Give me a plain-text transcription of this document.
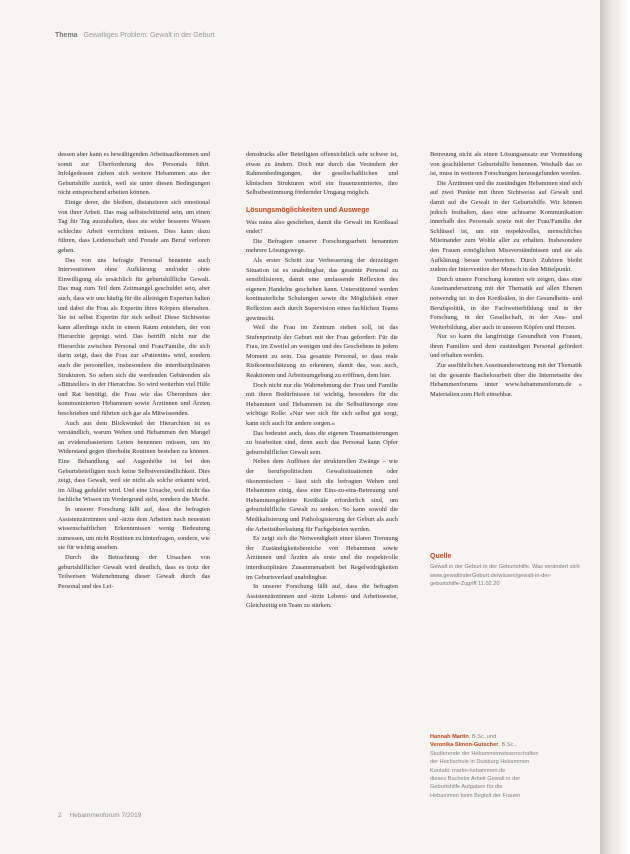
Thema Gewaltiges Problem: Gewalt in der Geburt

dessen aber kann es bewältigenden Arbeitsaufkommen und somit zur Überforderung des Personals führt. Infolgedessen ziehen sich weitere Hebammen aus der Geburtshilfe zurück, weil sie unter diesen Bedingungen nicht entsprechend arbeiten können.

Einige derer, die bleiben, distanzieren sich emotional von ihrer Arbeit. Das mag selbstschützend sein, um einen Tag für Tag auszuhalten, dass sie wider besseres Wissen schlechte Arbeit verrichten müssen. Dies kann dazu führen, dass Leidenschaft und Freude am Beruf verloren gehen.

Das von uns befragte Personal benannte auch Interventionen ohne Aufklärung und/oder ohne Einwilligung als ursächlich für geburtshilfliche Gewalt. Das mag zum Teil dem Zeitmangel geschuldet sein, aber auch, dass wir uns häufig für die alleinigen Experten halten und dabei die Frau als Expertin ihres Körpers übersehen. Sie ist selbst Expertin für sich selbst! Diese Sichtweise kann allerdings nicht in einem Raum entstehen, der von Hierarchie geprägt wird. Das betrifft nicht nur die Hierarchie zwischen Personal und Frau/Familie, die sich darin zeigt, dass die Frau zur »Patientin« wird, sondern auch die personellen, insbesondere die interdisziplinären Strukturen. So sehen sich die werdenden Gebärenden als »Bittsteller« in der Hierarchie. So wird weiterhin viel Hilfe und Rat benötigt, die Frau wie das Überordnen der kommunizierten Hebammen sowie Ärztinnen und Ärzten beschrieben und führten sich gar als Mitwissenden.

Auch aus dem Blickwinkel der Hierarchien ist es verständlich, warum Wehen und Hebammen den Mangel an evidenzbasiertem Leiten benennen müssen, um im Widerstand gegen überholte Routinen bestehen zu können. Eine Behandlung auf Augenhöhe ist bei den Geburtsbeteiligten noch keine Selbstverständlichkeit. Dies zeigt, dass Gewalt, weil sie nicht als solche erkannt wird, im Alltag geduldet wird. Und eine Ursache, weil nicht das fachliche Wissen im Vordergrund steht, sondern die Macht.

In unserer Forschung fällt auf, dass die befragten Assistenzärztinnen und -ärzte dem Arbeiten nach neuesten wissenschaftlichen Erkenntnissen wenig Bedeutung zumessen, um nicht Routinen zu hinterfragen, sondern, wie sie für wichtig ansehen.

Durch die Betrachtung der Ursachen von geburtshilflicher Gewalt wird deutlich, dass es trotz der Teilweisen Wahrnehmung dieser Gewalt durch das Personal und des Lei-

densdrucks aller Beteiligten offensichtlich sehr schwer ist, etwas zu ändern. Doch nur durch das Verändern der Rahmenbedingungen, der gesellschaftlichen und klinischen Strukturen wird ein frauenzentriertes, ihre Selbstbestimmung fördernder Umgang möglich.

Lösungsmöglichkeiten und Auswege

Was muss also geschehen, damit die Gewalt im Kreißsaal endet?

Die Befragten unserer Forschungsarbeit benannten mehrere Lösungswege.

Als erster Schritt zur Verbesserung der derzeitigen Situation ist es unabdingbar, das gesamte Personal zu sensibilisieren, damit eine umfassende Reflexion des eigenen Handelns geschehen kann. Unterstützend werden kontinuierliche Schulungen sowie die Möglichkeit einer Reflexion auch durch Supervision eines fachlichen Teams gewünscht.

Weil die Frau im Zentrum stehen soll, ist das Stufenprinzip der Geburt mit der Frau gefordert: Für die Frau, im Zweifel an wenigen und des Geschehens in jedem Moment zu sein. Das gesamte Personal, so dass reale Risikoeinschätzung zu erkennen, damit das, was auch, Reaktionen und Arbeitsumgebung zu eröffnen, dem hier.

Doch nicht nur die Wahrnehmung der Frau und Familie mit ihren Bedürfnissen ist wichtig, besonders für die Hebammen und Hebammen ist die Selbstfürsorge eine wichtige Rolle: »Nur wer sich für sich selbst gut sorgt, kann sich auch für andere sorgen.«

Das bedeutet auch, dass die eigenen Traumatisierungen zu bearbeiten sind, denn auch das Personal kann Opfer geburtshilflicher Gewalt sein.

Neben dem Auflösen der strukturellen Zwänge – wie der berufspolitischen Gewaltsituationen oder ökonomischen – lässt sich die befragten Wehen und Hebammen einig, dass eine Eins-zu-eins-Betreuung und Hebammengeleitete Kreißsäle erforderlich sind, um geburtshilfliche Gewalt zu senken. So kann sowohl die Medikalisierung und Pathologisierung der Geburt als auch die Arbeitsüberlastung für Fachgebieten werden.

Es zeigt sich die Notwendigkeit einer klaren Trennung der Zuständigkeitsbereiche von Hebammen sowie Ärztinnen und Ärzten als erste und die respektvolle interdisziplinäre Zusammenarbeit bei Regelwidrigkeiten im Geburtsverlauf unabdingbar.

In unserer Forschung fällt auf, dass die befragten Assistenzärztinnen und -ärzte Lebens- und Arbeitsweise, Gleichzeitig ein Team zu stärken.

Betreuung nicht als einen Lösungsansatz zur Vermeidung von geschilderter Geburtshilfe benennen. Weshalb das so ist, muss in weiteren Forschungen herausgefunden werden.

Die Ärztinnen und die zuständigen Hebammen sind sich auf zwei Punkte mit ihren Sichtweise auf Gewalt und damit auf die Gewalt in der Geburtshilfe. Wir können jedoch festhalten, dass eine achtsame Kommunikation innerhalb des Personals sowie mit der Frau/Familie der Schlüssel ist, um ein respektvolles, menschliches Miteinander zum Wohle aller zu erhalten. Insbesondere den Frauen ermöglichen Missverständnissen und sie als Aufklärung besser vorbereiten. Durch Zuhören bleibt zudem der Intervention der Mensch in den Mittelpunkt.

Durch unsere Forschung konnten wir zeigen, dass eine Auseinandersetzung mit der Thematik auf allen Ebenen notwendig ist: in den Kreißsälen, in der Gesundheits- und Berufspolitik, in der Fachweiterbildung und in der Forschung, in der Gesellschaft, in der Aus- und Weiterbildung, aber auch in unseren Köpfen und Herzen.

Nur so kann die langfristige Gesundheit von Frauen, ihren Familien und dem zuständigen Personal gefördert und erhalten werden.

Zur ausführlichen Auseinandersetzung mit der Thematik ist die gesamte Bachelorarbeit über die Internetseite des Hebammenforums unter www.hebammenforum.de » Materialien zum Heft einsehbar.

Quelle
Gewalt in der Geburt in der Geburtshilfe. Was verändert sich www.gewaltinderGeburt.de/wissen/gewalt-in-der-geburtshilfe-Zugriff 11.02.20
Hannah Martin, B.Sc. und
Veronika Simon-Gutscher, B.Sc.,
Studierende der Hebammenwissenschaften
der Hochschule in Duisburg Hebammen
Kontakt: martin-hebammen.de
dieses Bachelor Arbeit Gewalt in der
Geburtshilfe Aufgaben für die
Hebammen beim Begleit der Frauen
2 Hebammenforum 7/2019
